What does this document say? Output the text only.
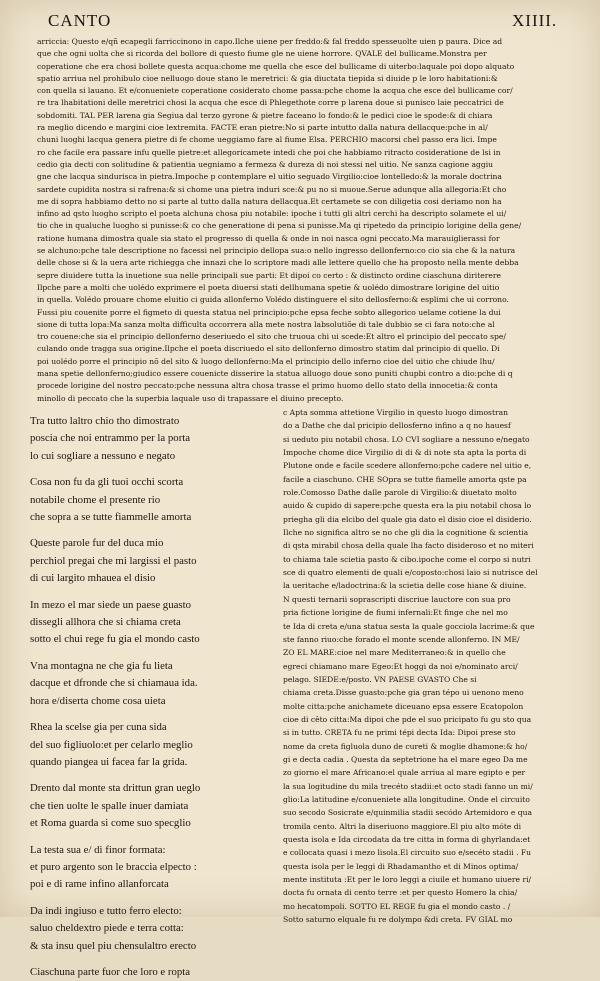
CANTO	XIIII.

arriccia: Questo e/qñ ecapegli farriccinono in capo.Ilche uiene per freddo:& fal freddo spesseuolte uien p paura. Dice ad

que che ogni uolta che si ricorda del bollore di questo fiume gle ne uiene horrore. QVALE del bullicame.Monstra per

coperatione che era chosi bollete questa acqua:chome me quella che esce del bullicame di uiterbo:laquale poi dopo alquato

spatio arriua nel prohibulo cioe nelluogo doue stano le meretrici: & gia diuctata tiepida si diuide p le loro habitationi:&

con quella si lauano. Et e/conueniete coperatione cosiderato chome passa:pche chome la acqua che esce del bullicame cor/

re tra lhabitationi delle meretrici chosi la acqua che esce di Phlegethote corre p larena doue si punisco laie peccatrici de

sobdomiti. TAL PER larena gia Segiua dal terzo gyrone & pietre faceano lo fondo:& le pedici cioe le spode:& di chiara

ra meglio dicendo e margini cioe lextremita. FACTE eran pietre:No si parte intutto dalla natura dellacque:pche in al/

chuni luoghi lacqua genera pietre di fe chome ueggiamo fare al fiume Elsa. PERCHIO macorsi chel passo era lici. Impe

ro che facile era passare infu quelle pietre:et allegoricamete intedi che poi che habbiamo ritracto cosideratione de lsi in

cedio gia decti con solitudine & patientia uegniamo a fermeza & dureza di noi stessi nel uitio. Ne sanza cagione aggiu

gne che lacqua sindurisca in pietra.Impoche p contemplare el uitio seguado Virgilio:cioe lontelledo:& la morale doctrina

sardete cupidita nostra si rafrena:& si chome una pietra induri sce:& pu no si muoue.Serue adunque alla allegoria:Et cho

me di sopra habbiamo detto no si parte al tutto dalla natura dellacqua.Et certamete se con diligetia cosi deriamo non ha

infino ad qsto luogho scripto el poeta alchuna chosa piu notabile: ipoche i tutti gli altri cerchi ha descripto solamete el ui/

tio che in qualuche luogho si punisse:& co che generatione di pena si punisse.Ma qi ripetedo da principio lorigine della gene/

ratione humana dimostra quale sia stato el progresso di quella & onde in noi nasca ogni peccato.Ma marauiglierassi for

se alchuno:pche tale descriptione no facessi nel principio dellopa sua:o nello ingresso dellonferno:co cio sia che & la natura

delle chose si & la uera arte richiegga che innazi che lo scriptore madi alle lettere quello che ha proposto nella mente debba

sepre diuidere tutta la inuetione sua nelle principali sue parti: Et dipoi co certo : & distincto ordine ciaschuna diriterere

Ilpche pare a molti che uolédo exprimere el poeta diuersi stati dellhumana spetie & uolédo dimostrare lorigine del uitio

in quella. Volédo prouare chome eluitio ci guida allonferno Volédo distinguere el sito dellosferno:& esplimi che ui corrono.

Fussi piu couenite porre el figmeto di questa statua nel principio:pche epsa feche sobto allegorico uelame cotiene la dui

sione di tutta lopa:Ma sanza molta difficulta occorrera alla mete nostra labsolutiõe di tale dubbio se ci fara noto:che al

tro couene:che sia el principio dellonferno deseriuedo el sito che truoua chi ui scede:Et altro el principio del peccato spe/

culando onde tragga sua origine.Ilpche el poeta discriuedo el sito dellonferno dimostro statim dal principio di quello. Di

poi uolédo porre el principio nõ del sito & luogo dellonferno:Ma el principio dello inferno cioe del uitio che chiude lhu/

mana spetie dellonferno;giudico essere couenicte disserire la statua alluogo doue sono puniti chupbi contro a dio:pche di q

procede lorigine del nostro peccato:pche nessuna altra chosa trasse el primo huomo dello stato della innocetia:& conta

minollo di peccato che la superbia laquale uso di trapassare el diuino precepto.

Tra tutto laltro chio tho dimostrato

poscia che noi entrammo per la porta

lo cui sogliare a nessuno e negato

Cosa non fu da gli tuoi occhi scorta

notabile chome el presente rio

che sopra a se tutte fiammelle amorta

Queste parole fur del duca mio

perchiol pregai che mi largissi el pasto

di cui largito mhauea el disio

In mezo el mar siede un paese guasto

dissegli allhora che si chiama creta

sotto el chui rege fu gia el mondo casto

Vna montagna ne che gia fu lieta

dacque et dfronde che si chiamaua ida.

hora e/diserta chome cosa uieta

Rhea la scelse gia per cuna sida

del suo figliuolo:et per celarlo meglio

quando piangea ui facea far la grida.

Drento dal monte sta drittun gran ueglo

che tien uolte le spalle inuer damiata

et Roma guarda si come suo specglio

La testa sua e/ di finor formata:

et puro argento son le braccia elpecto :

poi e di rame infino allanforcata

Da indi ingiuso e tutto ferro electo:

saluo cheldextro piede e terra cotta:

& sta insu quel piu chensulaltro erecto

Ciaschuna parte fuor che loro e ropta

c Apta somma attetione Virgilio in questo luogo dimostran

do a Dathe che dal pricipio dellosferno infino a q no hauesf

si ueduto piu notabil chosa. LO CVI sogliare a nessuno e/negato

Impoche chome dice Virgilio di di & di note sta apta la porta di

Plutone onde e facile scedere allonferno:pche cadere nel uitio e,

facile a ciaschuno. CHE SOpra se tutte fiamelle amorta qste pa

role.Comosso Dathe dalle parole di Virgilio:& diuetato molto

auido & cupido di sapere:pche questa era la piu notabil chosa lo

priegha gli dia elcibo del quale gia dato el disio cioe el disiderio.

Ilche no significa altro se no che gli dia la cognitione & scientia

di qsta mirabil chosa della quale lha facto disideroso et no miteri

to chiama tale scietia pasto & cibo.ipoche come el corpo si nutri

sce di quatro elementi de quali e/coposto:chosi laio si nutrisce del

la ueritache e/ladoctrina:& la scietia delle cose hiane & diuine.

N questi ternarii soprascripti discriue lauctore con sua pro

pria fictione lorigine de fiumi infernali:Et finge che nel mo

te Ida di creta e/una statua sesta la quale gocciola lacrime:& que

ste fanno riuo:che forado el monte scende allonferno. IN ME/

ZO EL MARE:cioe nel mare Mediterraneo:& in quello che

egreci chiamano mare Egeo:Et hoggi da noi e/nominato arci/

pelago. SIEDE:e/posto. VN PAESE GVASTO Che si

chiama creta.Disse guasto:pche gia gran tépo ui uenono meno

molte citta:pche anichamete diceuano epsa essere Ecatopolon

cioe di cêto citta:Ma dipoi che pde el suo pricipato fu gu sto qua

si in tutto. CRETA fu ne primi tépi decta Ida: Dipoi prese sto

nome da creta figluola duno de cureti & moglie dhamone:& ho/

gi e decta cadia . Questa da septetrione ha el mare egeo Da me

zo giorno el mare Africano:el quale arriua al mare egipto e per

la sua logitudine du mila trecéto stadii:et octo stadi fanno un mi/

glio:La latitudine e/conueniete alla longitudine. Onde el circuito

suo secodo Sosicrate e/quinmilia stadii secódo Artemidoro e qua

tromila cento. Altri la diseriuono maggiore.El piu alto móte di

questa isola e Ida circodata da tre citta in forma di ghyrlanda:et

e collocata quasi i mezo lisola.El circuito suo e/secéto stadii . Fu

questa isola per le leggi di Rhadamantho et di Minos optima/

mente instituta :Et per le loro leggi a ciuile et humano uiuere ri/

docta fu ornata di cento terre :et per questo Homero la chia/

mo hecatompoli. SOTTO EL REGE fu gia el mondo casto . /

Sotto saturno elquale fu re dolympo &di creta. FV GIAL mo
